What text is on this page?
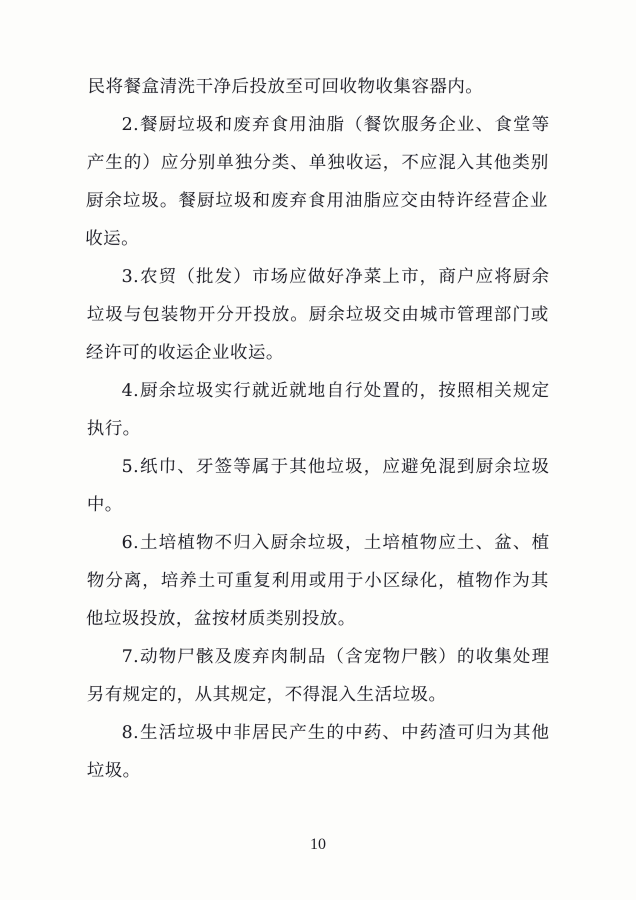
民将餐盒清洗干净后投放至可回收物收集容器内。

2.餐厨垃圾和废弃食用油脂（餐饮服务企业、食堂等产生的）应分别单独分类、单独收运，不应混入其他类别厨余垃圾。餐厨垃圾和废弃食用油脂应交由特许经营企业收运。

3.农贸（批发）市场应做好净菜上市，商户应将厨余垃圾与包装物开分开投放。厨余垃圾交由城市管理部门或经许可的收运企业收运。

4.厨余垃圾实行就近就地自行处置的，按照相关规定执行。

5.纸巾、牙签等属于其他垃圾，应避免混到厨余垃圾中。

6.土培植物不归入厨余垃圾，土培植物应土、盆、植物分离，培养土可重复利用或用于小区绿化，植物作为其他垃圾投放，盆按材质类别投放。

7.动物尸骸及废弃肉制品（含宠物尸骸）的收集处理另有规定的，从其规定，不得混入生活垃圾。

8.生活垃圾中非居民产生的中药、中药渣可归为其他垃圾。

10
